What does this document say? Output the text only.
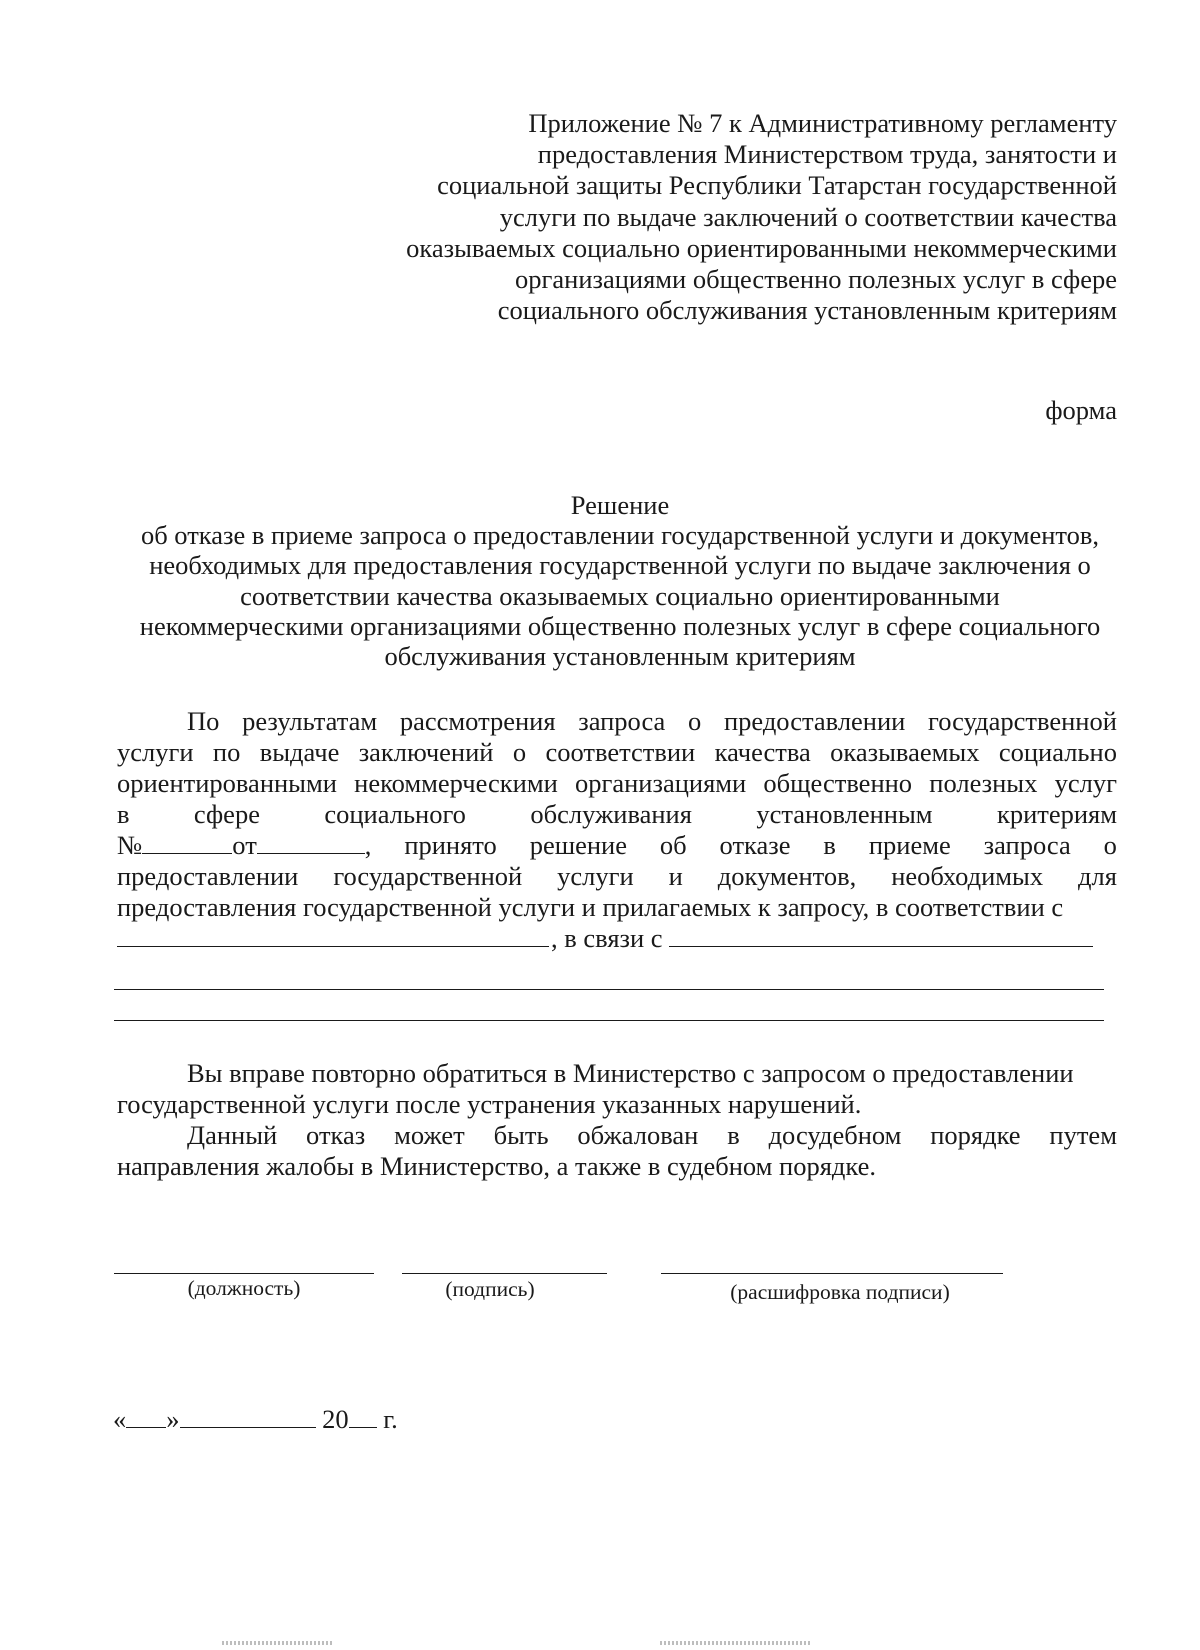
Приложение № 7 к Административному регламенту
предоставления Министерством труда, занятости и
социальной защиты Республики Татарстан государственной
услуги по выдаче заключений о соответствии качества
оказываемых социально ориентированными некоммерческими
организациями общественно полезных услуг в сфере
социального обслуживания установленным критериям
форма
Решение
об отказе в приеме запроса о предоставлении государственной услуги и документов,
необходимых для предоставления государственной услуги по выдаче заключения о
соответствии качества оказываемых социально ориентированными
некоммерческими организациями общественно полезных услуг в сфере социального
обслуживания установленным критериям
По результатам рассмотрения запроса о предоставлении государственной
услуги по выдаче заключений о соответствии качества оказываемых социально
ориентированными некоммерческими организациями общественно полезных услуг
в сфере социального обслуживания установленным критериям
№	от	, принято решение об отказе в приеме запроса о
предоставлении государственной услуги и документов, необходимых для
предоставления государственной услуги и прилагаемых к запросу, в соответствии с
, в связи с
Вы вправе повторно обратиться в Министерство с запросом о предоставлении
государственной услуги после устранения указанных нарушений.
Данный отказ может быть обжалован в досудебном порядке путем
направления жалобы в Министерство, а также в судебном порядке.
(должность)	(подпись)	(расшифровка подписи)
« »	20 г.
